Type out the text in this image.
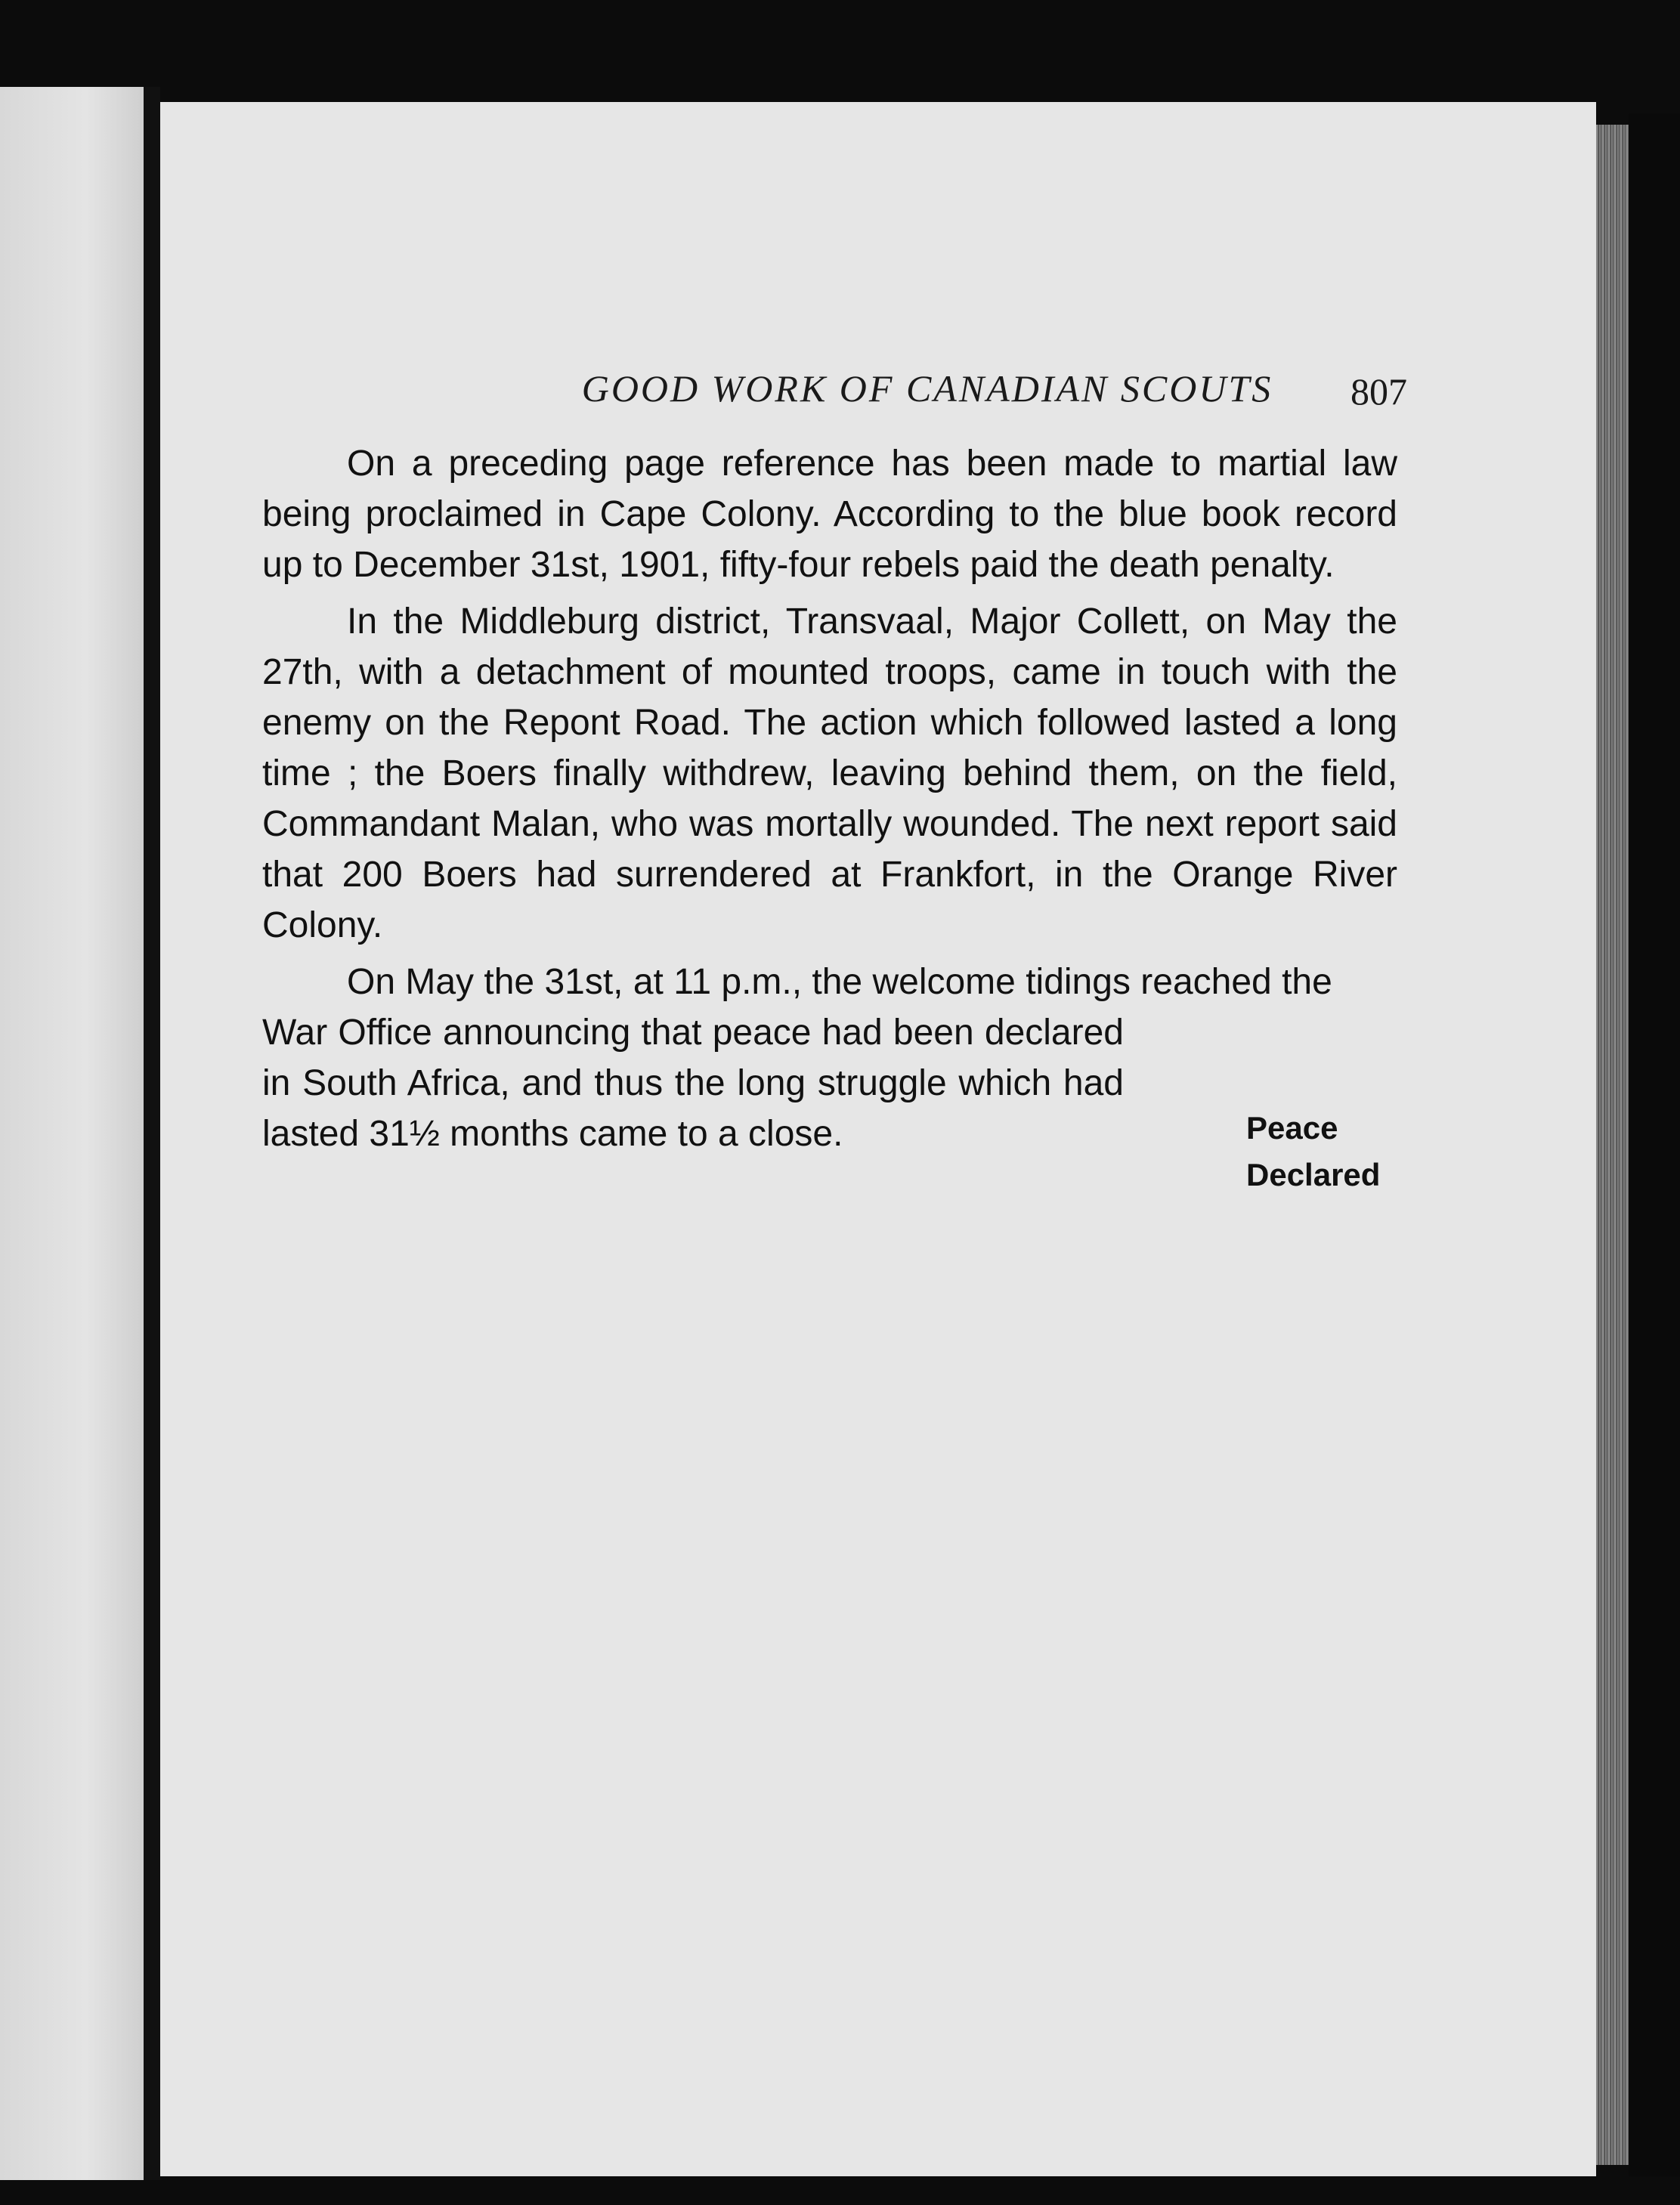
GOOD WORK OF CANADIAN SCOUTS	807

On a preceding page reference has been made to martial law being proclaimed in Cape Colony. According to the blue book record up to December 31st, 1901, fifty-four rebels paid the death penalty.

In the Middleburg district, Transvaal, Major Collett, on May the 27th, with a detachment of mounted troops, came in touch with the enemy on the Repont Road. The action which followed lasted a long time ; the Boers finally withdrew, leaving behind them, on the field, Commandant Malan, who was mortally wounded. The next report said that 200 Boers had surrendered at Frankfort, in the Orange River Colony.

On May the 31st, at 11 p.m., the welcome tidings reached the

War Office announcing that peace had been declared in South Africa, and thus the long struggle which had lasted 31½ months came to a close.	Peace
Declared
